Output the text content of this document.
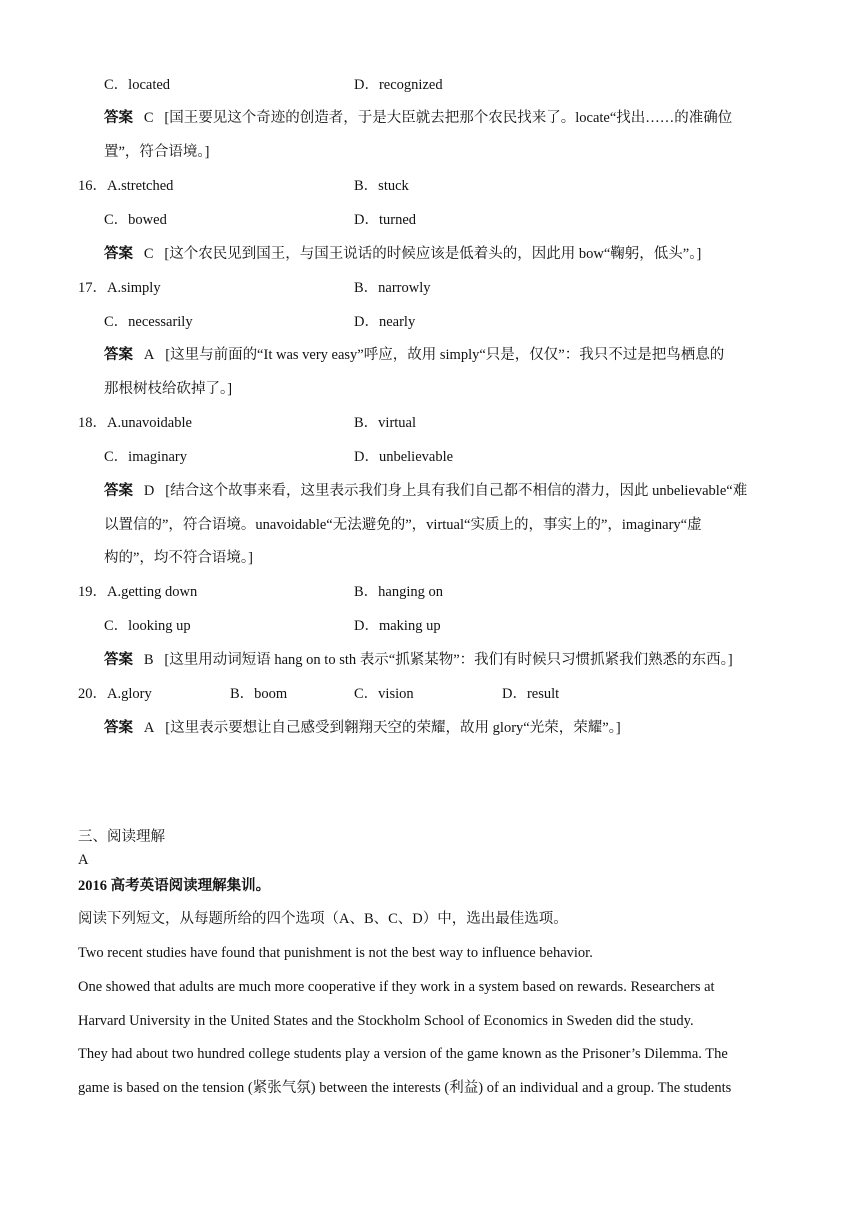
C．located	D．recognized
答案 C [国王要见这个奇迹的创造者，于是大臣就去把那个农民找来了。locate“找出……的准确位
置”，符合语境。]
16．A.stretched	B．stuck
C．bowed	D．turned
答案 C [这个农民见到国王，与国王说话的时候应该是低着头的，因此用 bow“鞠躬，低头”。]
17．A.simply	B．narrowly
C．necessarily	D．nearly
答案 A [这里与前面的“It was very easy”呼应，故用 simply“只是，仅仅”：我只不过是把鸟栖息的
那根树枝给砍掉了。]
18．A.unavoidable	B．virtual
C．imaginary	D．unbelievable
答案 D [结合这个故事来看，这里表示我们身上具有我们自己都不相信的潜力，因此 unbelievable“难
以置信的”，符合语境。unavoidable“无法避免的”，virtual“实质上的，事实上的”，imaginary“虚
构的”，均不符合语境。]
19．A.getting down	B．hanging on
C．looking up	D．making up
答案 B [这里用动词短语 hang on to sth 表示“抓紧某物”：我们有时候只习惯抓紧我们熟悉的东西。]
20．A.glory	B．boom	C．vision	D．result
答案 A [这里表示要想让自己感受到翱翔天空的荣耀，故用 glory“光荣，荣耀”。]
三、阅读理解
A
2016 高考英语阅读理解集训。
阅读下列短文，从每题所给的四个选项（A、B、C、D）中，选出最佳选项。
Two recent studies have found that punishment is not the best way to influence behavior.
One showed that adults are much more cooperative if they work in a system based on rewards. Researchers at
Harvard University in the United States and the Stockholm School of Economics in Sweden did the study.
They had about two hundred college students play a version of the game known as the Prisoner’s Dilemma. The
game is based on the tension (紧张气氛) between the interests (利益) of an individual and a group. The students
